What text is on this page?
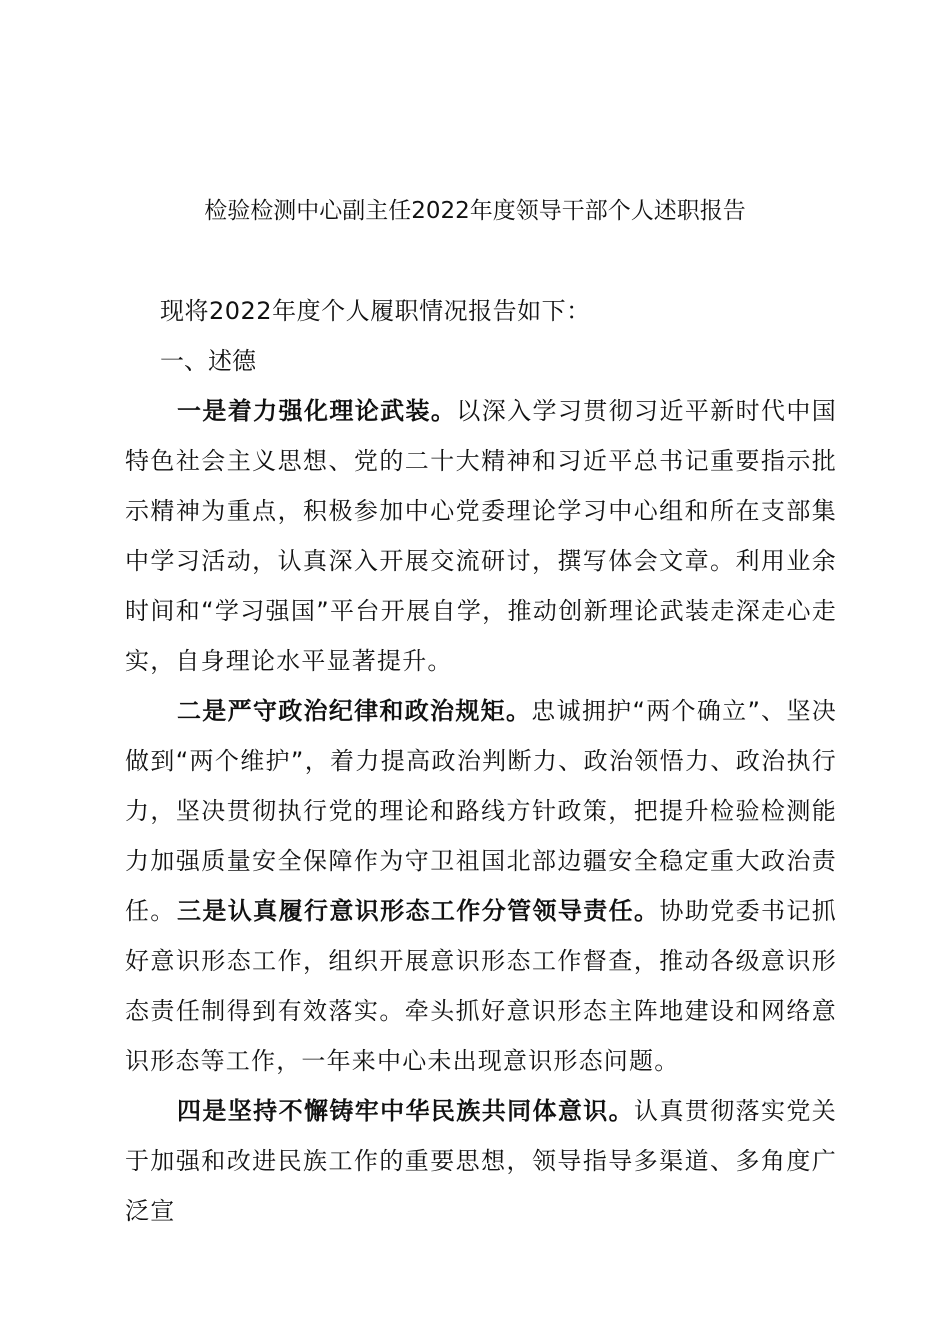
检验检测中心副主任2022年度领导干部个人述职报告
现将2022年度个人履职情况报告如下：
一、述德
一是着力强化理论武装。以深入学习贯彻习近平新时代中国特色社会主义思想、党的二十大精神和习近平总书记重要指示批示精神为重点，积极参加中心党委理论学习中心组和所在支部集中学习活动，认真深入开展交流研讨，撰写体会文章。利用业余时间和“学习强国”平台开展自学，推动创新理论武装走深走心走实，自身理论水平显著提升。
二是严守政治纪律和政治规矩。忠诚拥护“两个确立”、坚决做到“两个维护”，着力提高政治判断力、政治领悟力、政治执行力，坚决贯彻执行党的理论和路线方针政策，把提升检验检测能力加强质量安全保障作为守卫祖国北部边疆安全稳定重大政治责任。 三是认真履行意识形态工作分管领导责任。协助党委书记抓好意识形态工作，组织开展意识形态工作督查，推动各级意识形态责任制得到有效落实。牵头抓好意识形态主阵地建设和网络意识形态等工作，一年来中心未出现意识形态问题。
四是坚持不懈铸牢中华民族共同体意识。认真贯彻落实党关于加强和改进民族工作的重要思想，领导指导多渠道、多角度广泛宣
